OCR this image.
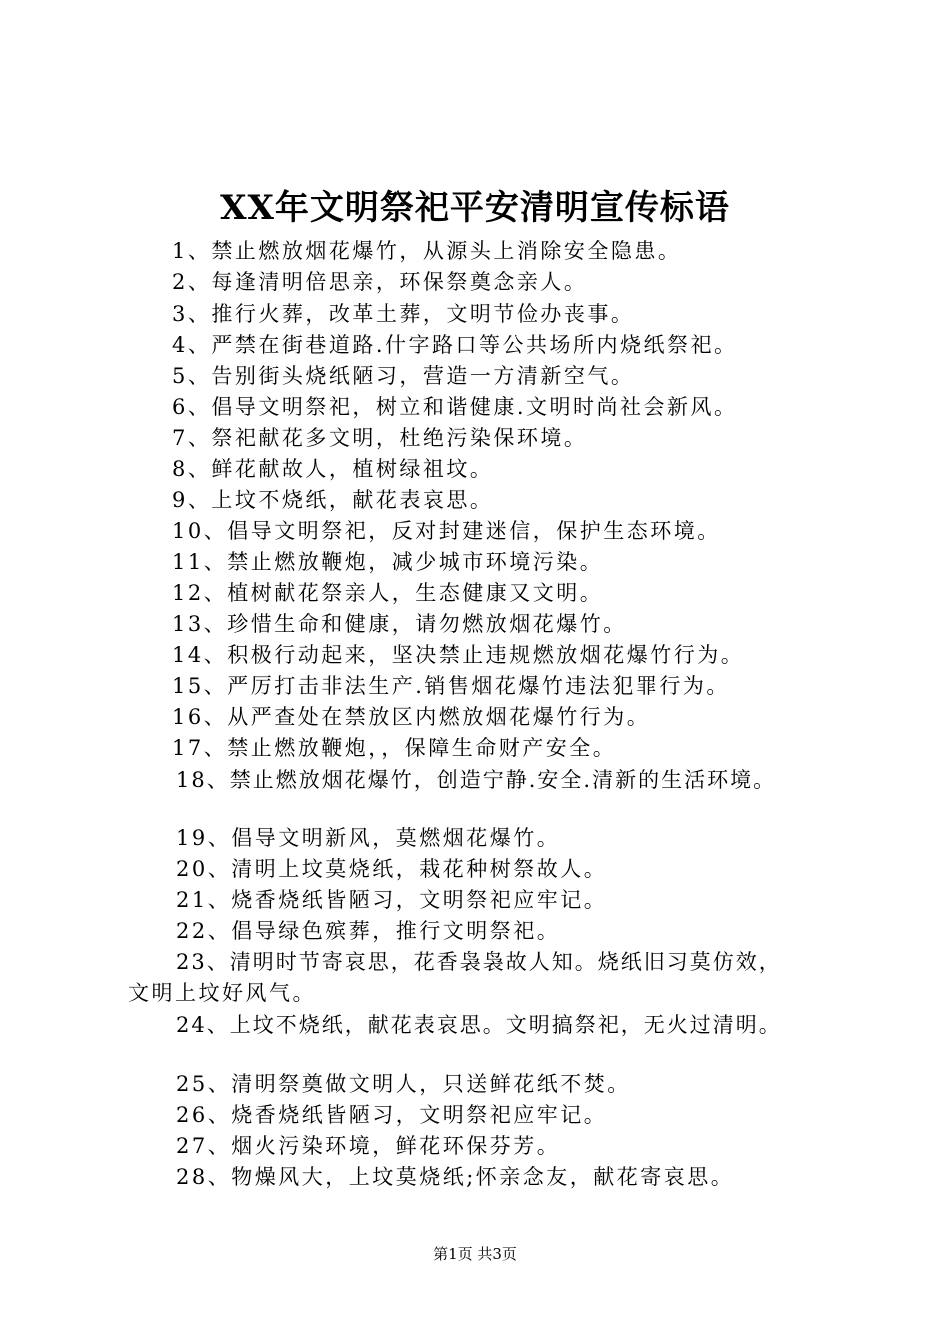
XX年文明祭祀平安清明宣传标语
1、禁止燃放烟花爆竹，从源头上消除安全隐患。
2、每逢清明倍思亲，环保祭奠念亲人。
3、推行火葬，改革土葬，文明节俭办丧事。
4、严禁在街巷道路.什字路口等公共场所内烧纸祭祀。
5、告别街头烧纸陋习，营造一方清新空气。
6、倡导文明祭祀，树立和谐健康.文明时尚社会新风。
7、祭祀献花多文明，杜绝污染保环境。
8、鲜花献故人，植树绿祖坟。
9、上坟不烧纸，献花表哀思。
10、倡导文明祭祀，反对封建迷信，保护生态环境。
11、禁止燃放鞭炮，减少城市环境污染。
12、植树献花祭亲人，生态健康又文明。
13、珍惜生命和健康，请勿燃放烟花爆竹。
14、积极行动起来，坚决禁止违规燃放烟花爆竹行为。
15、严厉打击非法生产.销售烟花爆竹违法犯罪行为。
16、从严查处在禁放区内燃放烟花爆竹行为。
17、禁止燃放鞭炮，，保障生命财产安全。
18、禁止燃放烟花爆竹，创造宁静.安全.清新的生活环境。
19、倡导文明新风，莫燃烟花爆竹。
20、清明上坟莫烧纸，栽花种树祭故人。
21、烧香烧纸皆陋习，文明祭祀应牢记。
22、倡导绿色殡葬，推行文明祭祀。
23、清明时节寄哀思，花香袅袅故人知。烧纸旧习莫仿效，
文明上坟好风气。
24、上坟不烧纸，献花表哀思。文明搞祭祀，无火过清明。
25、清明祭奠做文明人，只送鲜花纸不焚。
26、烧香烧纸皆陋习，文明祭祀应牢记。
27、烟火污染环境，鲜花环保芬芳。
28、物燥风大，上坟莫烧纸;怀亲念友，献花寄哀思。
第1页 共3页
